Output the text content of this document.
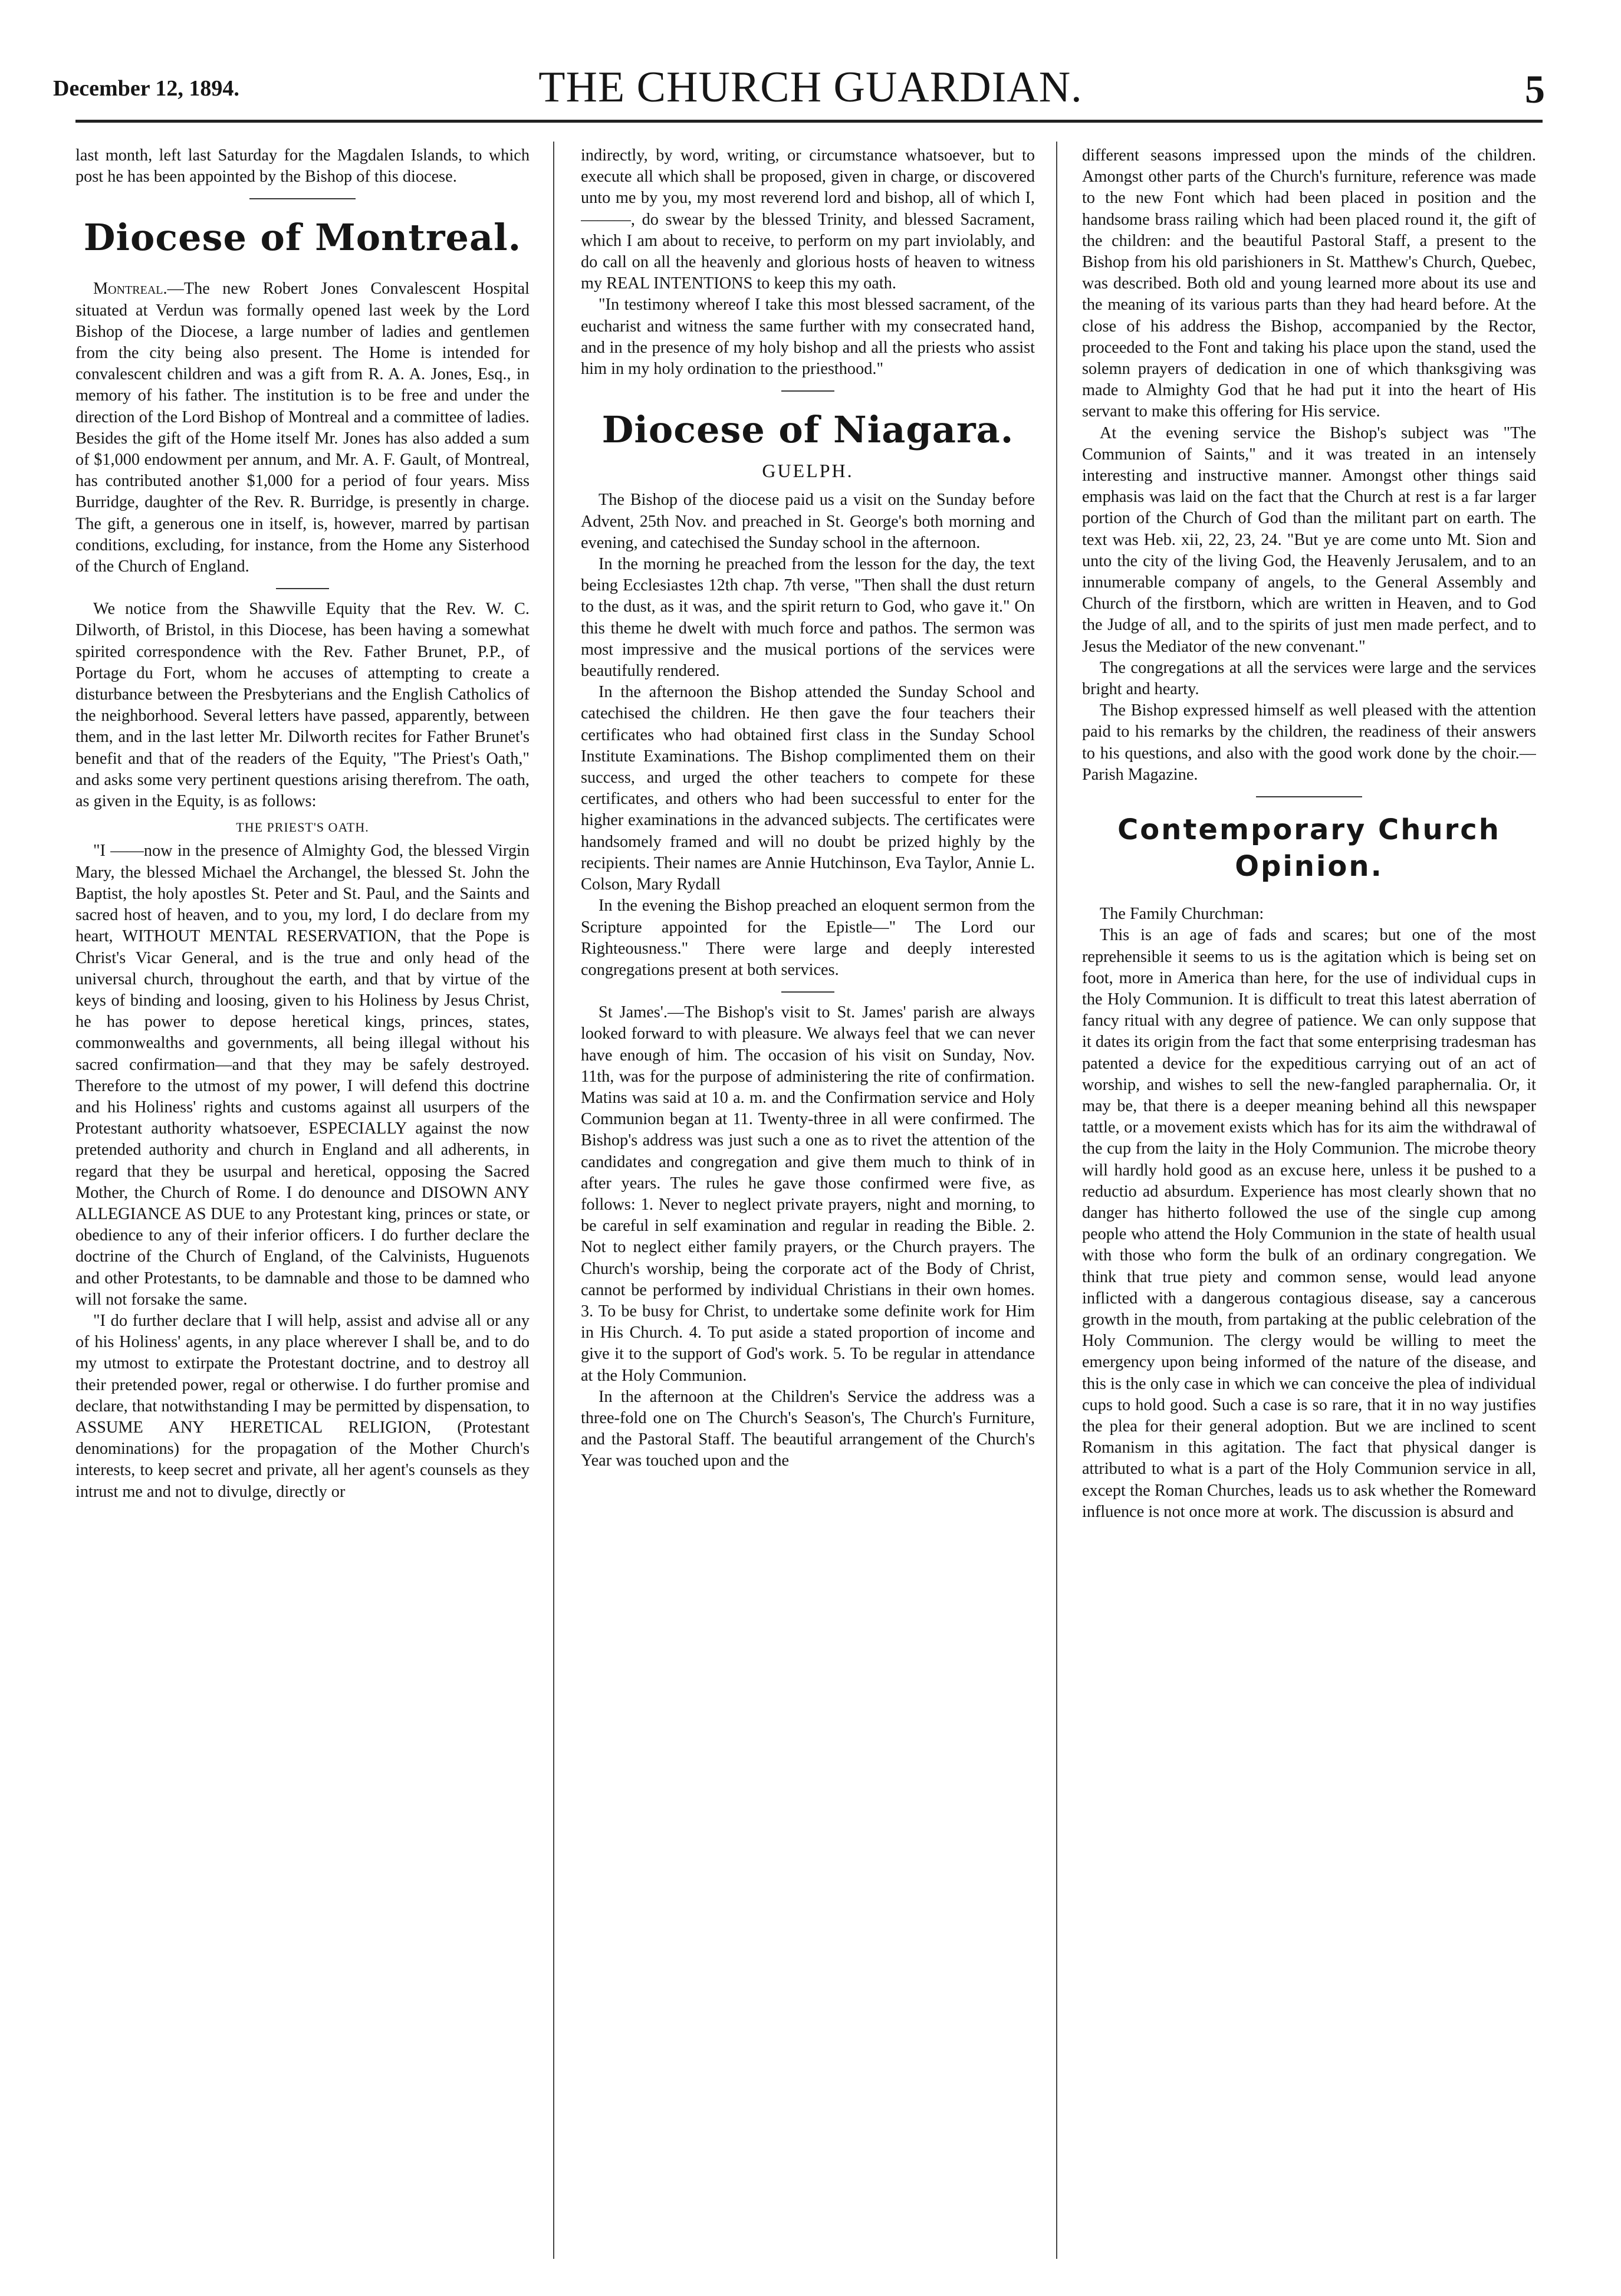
December 12, 1894.	THE CHURCH GUARDIAN.	5

last month, left last Saturday for the Magdalen Islands, to which post he has been appointed by the Bishop of this diocese.

Diocese of Montreal.

Montreal.—The new Robert Jones Convalescent Hospital situated at Verdun was formally opened last week by the Lord Bishop of the Diocese, a large number of ladies and gentlemen from the city being also present. The Home is intended for convalescent children and was a gift from R. A. A. Jones, Esq., in memory of his father. The institution is to be free and under the direction of the Lord Bishop of Montreal and a committee of ladies. Besides the gift of the Home itself Mr. Jones has also added a sum of $1,000 endowment per annum, and Mr. A. F. Gault, of Montreal, has contributed another $1,000 for a period of four years. Miss Burridge, daughter of the Rev. R. Burridge, is presently in charge. The gift, a generous one in itself, is, however, marred by partisan conditions, excluding, for instance, from the Home any Sisterhood of the Church of England.

We notice from the Shawville Equity that the Rev. W. C. Dilworth, of Bristol, in this Diocese, has been having a somewhat spirited correspondence with the Rev. Father Brunet, P.P., of Portage du Fort, whom he accuses of attempting to create a disturbance between the Presbyterians and the English Catholics of the neighborhood. Several letters have passed, apparently, between them, and in the last letter Mr. Dilworth recites for Father Brunet's benefit and that of the readers of the Equity, "The Priest's Oath," and asks some very pertinent questions arising therefrom. The oath, as given in the Equity, is as follows:

THE PRIEST'S OATH.

"I ——now in the presence of Almighty God, the blessed Virgin Mary, the blessed Michael the Archangel, the blessed St. John the Baptist, the holy apostles St. Peter and St. Paul, and the Saints and sacred host of heaven, and to you, my lord, I do declare from my heart, WITHOUT MENTAL RESERVATION, that the Pope is Christ's Vicar General, and is the true and only head of the universal church, throughout the earth, and that by virtue of the keys of binding and loosing, given to his Holiness by Jesus Christ, he has power to depose heretical kings, princes, states, commonwealths and governments, all being illegal without his sacred confirmation—and that they may be safely destroyed. Therefore to the utmost of my power, I will defend this doctrine and his Holiness' rights and customs against all usurpers of the Protestant authority whatsoever, ESPECIALLY against the now pretended authority and church in England and all adherents, in regard that they be usurpal and heretical, opposing the Sacred Mother, the Church of Rome. I do denounce and DISOWN ANY ALLEGIANCE AS DUE to any Protestant king, princes or state, or obedience to any of their inferior officers. I do further declare the doctrine of the Church of England, of the Calvinists, Huguenots and other Protestants, to be damnable and those to be damned who will not forsake the same.

"I do further declare that I will help, assist and advise all or any of his Holiness' agents, in any place wherever I shall be, and to do my utmost to extirpate the Protestant doctrine, and to destroy all their pretended power, regal or otherwise. I do further promise and declare, that notwithstanding I may be permitted by dispensation, to ASSUME ANY HERETICAL RELIGION, (Protestant denominations) for the propagation of the Mother Church's interests, to keep secret and private, all her agent's counsels as they intrust me and not to divulge, directly or

indirectly, by word, writing, or circumstance whatsoever, but to execute all which shall be proposed, given in charge, or discovered unto me by you, my most reverend lord and bishop, all of which I, ———, do swear by the blessed Trinity, and blessed Sacrament, which I am about to receive, to perform on my part inviolably, and do call on all the heavenly and glorious hosts of heaven to witness my REAL INTENTIONS to keep this my oath.

"In testimony whereof I take this most blessed sacrament, of the eucharist and witness the same further with my consecrated hand, and in the presence of my holy bishop and all the priests who assist him in my holy ordination to the priesthood."

Diocese of Niagara.
GUELPH.

The Bishop of the diocese paid us a visit on the Sunday before Advent, 25th Nov. and preached in St. George's both morning and evening, and catechised the Sunday school in the afternoon.

In the morning he preached from the lesson for the day, the text being Ecclesiastes 12th chap. 7th verse, "Then shall the dust return to the dust, as it was, and the spirit return to God, who gave it." On this theme he dwelt with much force and pathos. The sermon was most impressive and the musical portions of the services were beautifully rendered.

In the afternoon the Bishop attended the Sunday School and catechised the children. He then gave the four teachers their certificates who had obtained first class in the Sunday School Institute Examinations. The Bishop complimented them on their success, and urged the other teachers to compete for these certificates, and others who had been successful to enter for the higher examinations in the advanced subjects. The certificates were handsomely framed and will no doubt be prized highly by the recipients. Their names are Annie Hutchinson, Eva Taylor, Annie L. Colson, Mary Rydall

In the evening the Bishop preached an eloquent sermon from the Scripture appointed for the Epistle—" The Lord our Righteousness." There were large and deeply interested congregations present at both services.

St James'.—The Bishop's visit to St. James' parish are always looked forward to with pleasure. We always feel that we can never have enough of him. The occasion of his visit on Sunday, Nov. 11th, was for the purpose of administering the rite of confirmation. Matins was said at 10 a. m. and the Confirmation service and Holy Communion began at 11. Twenty-three in all were confirmed. The Bishop's address was just such a one as to rivet the attention of the candidates and congregation and give them much to think of in after years. The rules he gave those confirmed were five, as follows: 1. Never to neglect private prayers, night and morning, to be careful in self examination and regular in reading the Bible. 2. Not to neglect either family prayers, or the Church prayers. The Church's worship, being the corporate act of the Body of Christ, cannot be performed by individual Christians in their own homes. 3. To be busy for Christ, to undertake some definite work for Him in His Church. 4. To put aside a stated proportion of income and give it to the support of God's work. 5. To be regular in attendance at the Holy Communion.

In the afternoon at the Children's Service the address was a three-fold one on The Church's Season's, The Church's Furniture, and the Pastoral Staff. The beautiful arrangement of the Church's Year was touched upon and the

different seasons impressed upon the minds of the children. Amongst other parts of the Church's furniture, reference was made to the new Font which had been placed in position and the handsome brass railing which had been placed round it, the gift of the children: and the beautiful Pastoral Staff, a present to the Bishop from his old parishioners in St. Matthew's Church, Quebec, was described. Both old and young learned more about its use and the meaning of its various parts than they had heard before. At the close of his address the Bishop, accompanied by the Rector, proceeded to the Font and taking his place upon the stand, used the solemn prayers of dedication in one of which thanksgiving was made to Almighty God that he had put it into the heart of His servant to make this offering for His service.

At the evening service the Bishop's subject was "The Communion of Saints," and it was treated in an intensely interesting and instructive manner. Amongst other things said emphasis was laid on the fact that the Church at rest is a far larger portion of the Church of God than the militant part on earth. The text was Heb. xii, 22, 23, 24. "But ye are come unto Mt. Sion and unto the city of the living God, the Heavenly Jerusalem, and to an innumerable company of angels, to the General Assembly and Church of the firstborn, which are written in Heaven, and to God the Judge of all, and to the spirits of just men made perfect, and to Jesus the Mediator of the new convenant."

The congregations at all the services were large and the services bright and hearty.

The Bishop expressed himself as well pleased with the attention paid to his remarks by the children, the readiness of their answers to his questions, and also with the good work done by the choir.—Parish Magazine.

Contemporary Church Opinion.

The Family Churchman:

This is an age of fads and scares; but one of the most reprehensible it seems to us is the agitation which is being set on foot, more in America than here, for the use of individual cups in the Holy Communion. It is difficult to treat this latest aberration of fancy ritual with any degree of patience. We can only suppose that it dates its origin from the fact that some enterprising tradesman has patented a device for the expeditious carrying out of an act of worship, and wishes to sell the new-fangled paraphernalia. Or, it may be, that there is a deeper meaning behind all this newspaper tattle, or a movement exists which has for its aim the withdrawal of the cup from the laity in the Holy Communion. The microbe theory will hardly hold good as an excuse here, unless it be pushed to a reductio ad absurdum. Experience has most clearly shown that no danger has hitherto followed the use of the single cup among people who attend the Holy Communion in the state of health usual with those who form the bulk of an ordinary congregation. We think that true piety and common sense, would lead anyone inflicted with a dangerous contagious disease, say a cancerous growth in the mouth, from partaking at the public celebration of the Holy Communion. The clergy would be willing to meet the emergency upon being informed of the nature of the disease, and this is the only case in which we can conceive the plea of individual cups to hold good. Such a case is so rare, that it in no way justifies the plea for their general adoption. But we are inclined to scent Romanism in this agitation. The fact that physical danger is attributed to what is a part of the Holy Communion service in all, except the Roman Churches, leads us to ask whether the Romeward influence is not once more at work. The discussion is absurd and
